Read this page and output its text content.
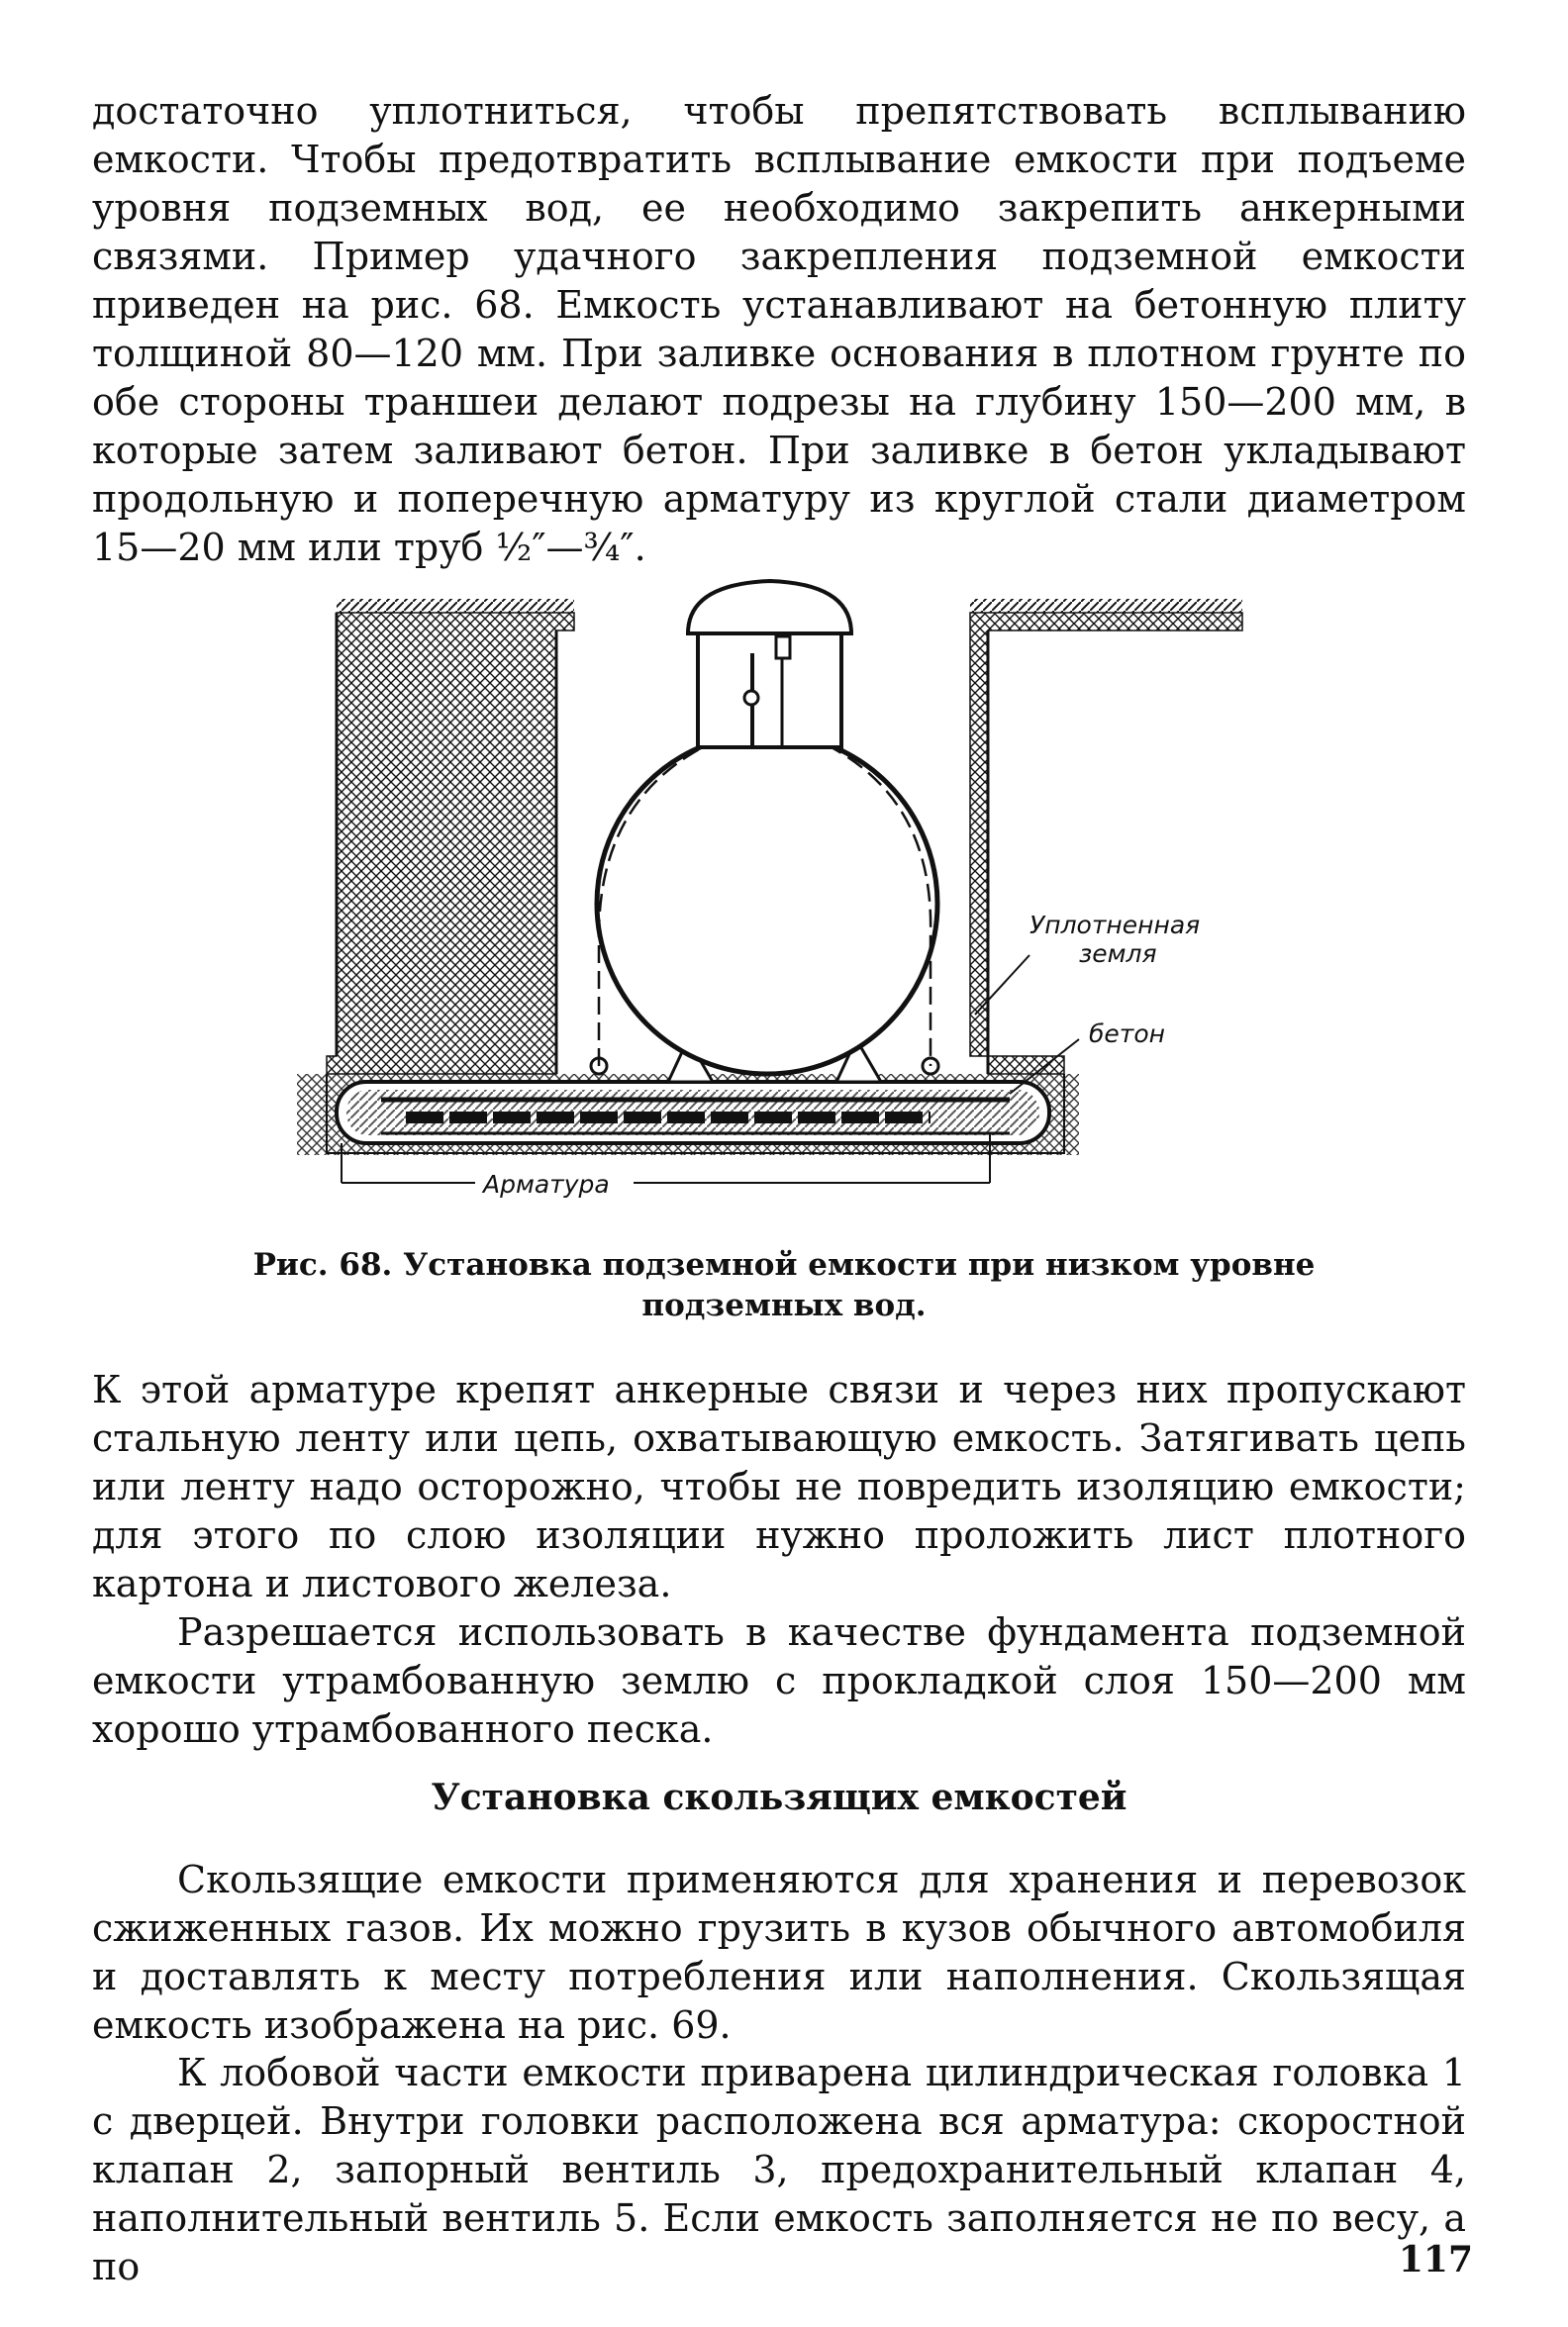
достаточно уплотниться, чтобы препятствовать всплыванию емкости. Чтобы предотвратить всплывание емкости при подъеме уровня подземных вод, ее необходимо закрепить анкерными связями. Пример удачного закрепления подземной емкости приведен на рис. 68. Емкость устанавливают на бетонную плиту толщиной 80—120 мм. При заливке основания в плотном грунте по обе стороны траншеи делают подрезы на глубину 150—200 мм, в которые затем заливают бетон. При заливке в бетон укладывают продольную и поперечную арматуру из круглой стали диаметром 15—20 мм или труб ½″—¾″.

Уплотненная
земля
бетон
Арматура

Рис. 68. Установка подземной емкости при низком уровне подземных вод.

К этой арматуре крепят анкерные связи и через них пропускают стальную ленту или цепь, охватывающую емкость. Затягивать цепь или ленту надо осторожно, чтобы не повредить изоляцию емкости; для этого по слою изоляции нужно проложить лист плотного картона и листового железа.

Разрешается использовать в качестве фундамента подземной емкости утрамбованную землю с прокладкой слоя 150—200 мм хорошо утрамбованного песка.

Установка скользящих емкостей

Скользящие емкости применяются для хранения и перевозок сжиженных газов. Их можно грузить в кузов обычного автомобиля и доставлять к месту потребления или наполнения. Скользящая емкость изображена на рис. 69.

К лобовой части емкости приварена цилиндрическая головка 1 с дверцей. Внутри головки расположена вся арматура: скоростной клапан 2, запорный вентиль 3, предохранительный клапан 4, наполнительный вентиль 5. Если емкость заполняется не по весу, а по	117
